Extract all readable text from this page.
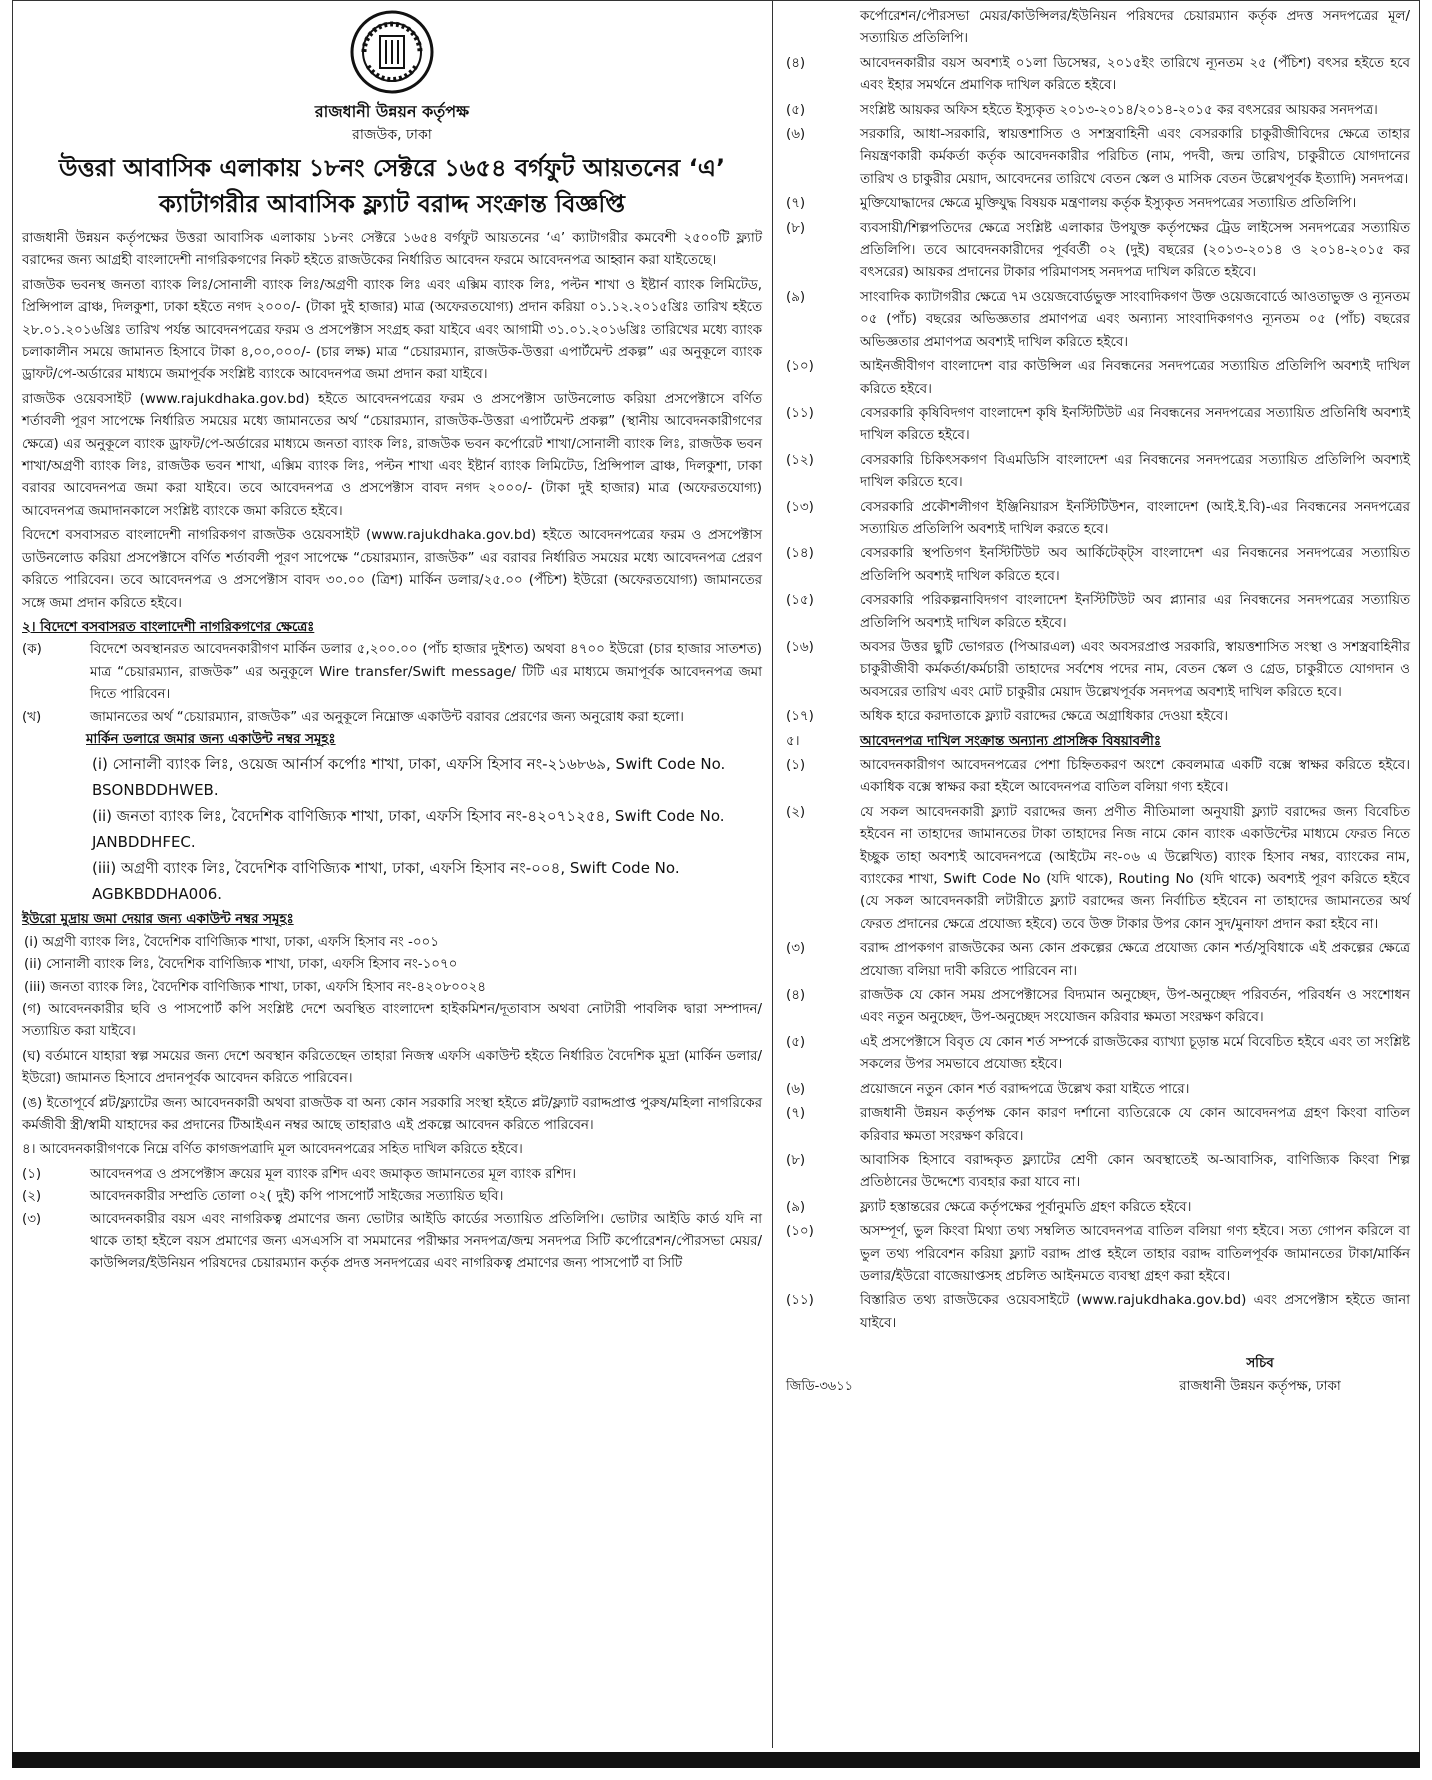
রাজধানী উন্নয়ন কর্তৃপক্ষ
রাজউক, ঢাকা
উত্তরা আবাসিক এলাকায় ১৮নং সেক্টরে ১৬৫৪ বর্গফুট আয়তনের ‘এ’
ক্যাটাগরীর আবাসিক ফ্ল্যাট বরাদ্দ সংক্রান্ত বিজ্ঞপ্তি
রাজধানী উন্নয়ন কর্তৃপক্ষের উত্তরা আবাসিক এলাকায় ১৮নং সেক্টরে ১৬৫৪ বর্গফুট আয়তনের ‘এ’ ক্যাটাগরীর কমবেশী ২৫০০টি ফ্ল্যাট বরাদ্দের জন্য আগ্রহী বাংলাদেশী নাগরিকগণের নিকট হইতে রাজউকের নির্ধারিত আবেদন ফরমে আবেদনপত্র আহ্বান করা যাইতেছে।
রাজউক ভবনস্থ জনতা ব্যাংক লিঃ/সোনালী ব্যাংক লিঃ/অগ্রণী ব্যাংক লিঃ এবং এক্সিম ব্যাংক লিঃ, পল্টন শাখা ও ইষ্টার্ন ব্যাংক লিমিটেড, প্রিন্সিপাল ব্রাঞ্চ, দিলকুশা, ঢাকা হইতে নগদ ২০০০/- (টাকা দুই হাজার) মাত্র (অফেরতযোগ্য) প্রদান করিয়া ০১.১২.২০১৫খ্রিঃ তারিখ হইতে ২৮.০১.২০১৬খ্রিঃ তারিখ পর্যন্ত আবেদনপত্রের ফরম ও প্রসপেক্টাস সংগ্রহ করা যাইবে এবং আগামী ৩১.০১.২০১৬খ্রিঃ তারিখের মধ্যে ব্যাংক চলাকালীন সময়ে জামানত হিসাবে টাকা ৪,০০,০০০/- (চার লক্ষ) মাত্র “চেয়ারম্যান, রাজউক-উত্তরা এপার্টমেন্ট প্রকল্প” এর অনুকূলে ব্যাংক ড্রাফট/পে-অর্ডারের মাধ্যমে জমাপূর্বক সংশ্লিষ্ট ব্যাংকে আবেদনপত্র জমা প্রদান করা যাইবে।
রাজউক ওয়েবসাইট (www.rajukdhaka.gov.bd) হইতে আবেদনপত্রের ফরম ও প্রসপেক্টাস ডাউনলোড করিয়া প্রসপেক্টাসে বর্ণিত শর্তাবলী পূরণ সাপেক্ষে নির্ধারিত সময়ের মধ্যে জামানতের অর্থ “চেয়ারম্যান, রাজউক-উত্তরা এপার্টমেন্ট প্রকল্প” (স্থানীয় আবেদনকারীগণের ক্ষেত্রে) এর অনুকূলে ব্যাংক ড্রাফট/পে-অর্ডারের মাধ্যমে জনতা ব্যাংক লিঃ, রাজউক ভবন কর্পোরেট শাখা/সোনালী ব্যাংক লিঃ, রাজউক ভবন শাখা/অগ্রণী ব্যাংক লিঃ, রাজউক ভবন শাখা, এক্সিম ব্যাংক লিঃ, পল্টন শাখা এবং ইষ্টার্ন ব্যাংক লিমিটেড, প্রিন্সিপাল ব্রাঞ্চ, দিলকুশা, ঢাকা বরাবর আবেদনপত্র জমা করা যাইবে। তবে আবেদনপত্র ও প্রসপেক্টাস বাবদ নগদ ২০০০/- (টাকা দুই হাজার) মাত্র (অফেরতযোগ্য) আবেদনপত্র জমাদানকালে সংশ্লিষ্ট ব্যাংকে জমা করিতে হইবে।
বিদেশে বসবাসরত বাংলাদেশী নাগরিকগণ রাজউক ওয়েবসাইট (www.rajukdhaka.gov.bd) হইতে আবেদনপত্রের ফরম ও প্রসপেক্টাস ডাউনলোড করিয়া প্রসপেক্টাসে বর্ণিত শর্তাবলী পূরণ সাপেক্ষে “চেয়ারম্যান, রাজউক” এর বরাবর নির্ধারিত সময়ের মধ্যে আবেদনপত্র প্রেরণ করিতে পারিবেন। তবে আবেদনপত্র ও প্রসপেক্টাস বাবদ ৩০.০০ (ত্রিশ) মার্কিন ডলার/২৫.০০ (পঁচিশ) ইউরো (অফেরতযোগ্য) জামানতের সঙ্গে জমা প্রদান করিতে হইবে।
২। বিদেশে বসবাসরত বাংলাদেশী নাগরিকগণের ক্ষেত্রেঃ
(ক)	বিদেশে অবস্থানরত আবেদনকারীগণ মার্কিন ডলার ৫,২০০.০০ (পাঁচ হাজার দুইশত) অথবা ৪৭০০ ইউরো (চার হাজার সাতশত) মাত্র “চেয়ারম্যান, রাজউক” এর অনুকূলে Wire transfer/Swift message/ টিটি এর মাধ্যমে জমাপূর্বক আবেদনপত্র জমা দিতে পারিবেন।
(খ)	জামানতের অর্থ “চেয়ারম্যান, রাজউক” এর অনুকূলে নিম্নোক্ত একাউন্ট বরাবর প্রেরণের জন্য অনুরোধ করা হলো।
মার্কিন ডলারে জমার জন্য একাউন্ট নম্বর সমূহঃ
(i) সোনালী ব্যাংক লিঃ, ওয়েজ আর্নার্স কর্পোঃ শাখা, ঢাকা, এফসি হিসাব নং-২১৬৮৬৯, Swift Code No. BSONBDDHWEB.
(ii) জনতা ব্যাংক লিঃ, বৈদেশিক বাণিজ্যিক শাখা, ঢাকা, এফসি হিসাব নং-৪২০৭১২৫৪, Swift Code No. JANBDDHFEC.
(iii) অগ্রণী ব্যাংক লিঃ, বৈদেশিক বাণিজ্যিক শাখা, ঢাকা, এফসি হিসাব নং-০০৪, Swift Code No. AGBKBDDHA006.
ইউরো মুদ্রায় জমা দেয়ার জন্য একাউন্ট নম্বর সমূহঃ
(i) অগ্রণী ব্যাংক লিঃ, বৈদেশিক বাণিজ্যিক শাখা, ঢাকা, এফসি হিসাব নং -০০১
(ii) সোনালী ব্যাংক লিঃ, বৈদেশিক বাণিজ্যিক শাখা, ঢাকা, এফসি হিসাব নং-১০৭০
(iii) জনতা ব্যাংক লিঃ, বৈদেশিক বাণিজ্যিক শাখা, ঢাকা, এফসি হিসাব নং-৪২০৮০০২৪
(গ) আবেদনকারীর ছবি ও পাসপোর্ট কপি সংশ্লিষ্ট দেশে অবস্থিত বাংলাদেশ হাইকমিশন/দূতাবাস অথবা নোটারী পাবলিক দ্বারা সম্পাদন/সত্যায়িত করা যাইবে।
(ঘ) বর্তমানে যাহারা স্বল্প সময়ের জন্য দেশে অবস্থান করিতেছেন তাহারা নিজস্ব এফসি একাউন্ট হইতে নির্ধারিত বৈদেশিক মুদ্রা (মার্কিন ডলার/ইউরো) জামানত হিসাবে প্রদানপূর্বক আবেদন করিতে পারিবেন।
(ঙ) ইতোপূর্বে প্লট/ফ্ল্যাটের জন্য আবেদনকারী অথবা রাজউক বা অন্য কোন সরকারি সংস্থা হইতে প্লট/ফ্ল্যাট বরাদ্দপ্রাপ্ত পুরুষ/মহিলা নাগরিকের কর্মজীবী স্ত্রী/স্বামী যাহাদের কর প্রদানের টিআইএন নম্বর আছে তাহারাও এই প্রকল্পে আবেদন করিতে পারিবেন।
৪। আবেদনকারীগণকে নিম্নে বর্ণিত কাগজপত্রাদি মূল আবেদনপত্রের সহিত দাখিল করিতে হইবে।
(১)	আবেদনপত্র ও প্রসপেক্টাস ক্রয়ের মূল ব্যাংক রশিদ এবং জমাকৃত জামানতের মূল ব্যাংক রশিদ।
(২)	আবেদনকারীর সম্প্রতি তোলা ০২( দুই) কপি পাসপোর্ট সাইজের সত্যায়িত ছবি।
(৩)	আবেদনকারীর বয়স এবং নাগরিকত্ব প্রমাণের জন্য ভোটার আইডি কার্ডের সত্যায়িত প্রতিলিপি। ভোটার আইডি কার্ড যদি না থাকে তাহা হইলে বয়স প্রমাণের জন্য এসএসসি বা সমমানের পরীক্ষার সনদপত্র/জন্ম সনদপত্র সিটি কর্পোরেশন/পৌরসভা মেয়র/কাউন্সিলর/ইউনিয়ন পরিষদের চেয়ারম্যান কর্তৃক প্রদত্ত সনদপত্রের এবং নাগরিকত্ব প্রমাণের জন্য পাসপোর্ট বা সিটি
কর্পোরেশন/পৌরসভা মেয়র/কাউন্সিলর/ইউনিয়ন পরিষদের চেয়ারম্যান কর্তৃক প্রদত্ত সনদপত্রের মূল/সত্যায়িত প্রতিলিপি।
(৪)	আবেদনকারীর বয়স অবশ্যই ০১লা ডিসেম্বর, ২০১৫ইং তারিখে ন্যূনতম ২৫ (পঁচিশ) বৎসর হইতে হবে এবং ইহার সমর্থনে প্রমাণিক দাখিল করিতে হইবে।
(৫)	সংশ্লিষ্ট আয়কর অফিস হইতে ইস্যুকৃত ২০১৩-২০১৪/২০১৪-২০১৫ কর বৎসরের আয়কর সনদপত্র।
(৬)	সরকারি, আধা-সরকারি, স্বায়ত্তশাসিত ও সশস্ত্রবাহিনী এবং বেসরকারি চাকুরীজীবিদের ক্ষেত্রে তাহার নিয়ন্ত্রণকারী কর্মকর্তা কর্তৃক আবেদনকারীর পরিচিত (নাম, পদবী, জন্ম তারিখ, চাকুরীতে যোগদানের তারিখ ও চাকুরীর মেয়াদ, আবেদনের তারিখে বেতন স্কেল ও মাসিক বেতন উল্লেখপূর্বক ইত্যাদি) সনদপত্র।
(৭)	মুক্তিযোদ্ধাদের ক্ষেত্রে মুক্তিযুদ্ধ বিষয়ক মন্ত্রণালয় কর্তৃক ইস্যুকৃত সনদপত্রের সত্যায়িত প্রতিলিপি।
(৮)	ব্যবসায়ী/শিল্পপতিদের ক্ষেত্রে সংশ্লিষ্ট এলাকার উপযুক্ত কর্তৃপক্ষের ট্রেড লাইসেন্স সনদপত্রের সত্যায়িত প্রতিলিপি। তবে আবেদনকারীদের পূর্ববর্তী ০২ (দুই) বছরের (২০১৩-২০১৪ ও ২০১৪-২০১৫ কর বৎসরের) আয়কর প্রদানের টাকার পরিমাণসহ সনদপত্র দাখিল করিতে হইবে।
(৯)	সাংবাদিক ক্যাটাগরীর ক্ষেত্রে ৭ম ওয়েজবোর্ডভুক্ত সাংবাদিকগণ উক্ত ওয়েজবোর্ডে আওতাভুক্ত ও ন্যূনতম ০৫ (পাঁচ) বছরের অভিজ্ঞতার প্রমাণপত্র এবং অন্যান্য সাংবাদিকগণও ন্যূনতম ০৫ (পাঁচ) বছরের অভিজ্ঞতার প্রমাণপত্র অবশ্যই দাখিল করিতে হইবে।
(১০)	আইনজীবীগণ বাংলাদেশ বার কাউন্সিল এর নিবন্ধনের সনদপত্রের সত্যায়িত প্রতিলিপি অবশ্যই দাখিল করিতে হইবে।
(১১)	বেসরকারি কৃষিবিদগণ বাংলাদেশ কৃষি ইনস্টিটিউট এর নিবন্ধনের সনদপত্রের সত্যায়িত প্রতিনিধি অবশ্যই দাখিল করিতে হইবে।
(১২)	বেসরকারি চিকিৎসকগণ বিএমডিসি বাংলাদেশ এর নিবন্ধনের সনদপত্রের সত্যায়িত প্রতিলিপি অবশ্যই দাখিল করিতে হবে।
(১৩)	বেসরকারি প্রকৌশলীগণ ইঞ্জিনিয়ারস ইনস্টিটিউশন, বাংলাদেশ (আই.ই.বি)-এর নিবন্ধনের সনদপত্রের সত্যায়িত প্রতিলিপি অবশ্যই দাখিল করতে হবে।
(১৪)	বেসরকারি স্থপতিগণ ইনস্টিটিউট অব আর্কিটেক্ট্স বাংলাদেশ এর নিবন্ধনের সনদপত্রের সত্যায়িত প্রতিলিপি অবশ্যই দাখিল করিতে হবে।
(১৫)	বেসরকারি পরিকল্পনাবিদগণ বাংলাদেশ ইনস্টিটিউট অব প্ল্যানার এর নিবন্ধনের সনদপত্রের সত্যায়িত প্রতিলিপি অবশ্যই দাখিল করিতে হইবে।
(১৬)	অবসর উত্তর ছুটি ভোগরত (পিআরএল) এবং অবসরপ্রাপ্ত সরকারি, স্বায়ত্তশাসিত সংস্থা ও সশস্ত্রবাহিনীর চাকুরীজীবী কর্মকর্তা/কর্মচারী তাহাদের সর্বশেষ পদের নাম, বেতন স্কেল ও গ্রেড, চাকুরীতে যোগদান ও অবসরের তারিখ এবং মোট চাকুরীর মেয়াদ উল্লেখপূর্বক সনদপত্র অবশ্যই দাখিল করিতে হবে।
(১৭)	অধিক হারে করদাতাকে ফ্ল্যাট বরাদ্দের ক্ষেত্রে অগ্রাধিকার দেওয়া হইবে।
৫।	আবেদনপত্র দাখিল সংক্রান্ত অন্যান্য প্রাসঙ্গিক বিষয়াবলীঃ
(১)	আবেদনকারীগণ আবেদনপত্রের পেশা চিহ্নিতকরণ অংশে কেবলমাত্র একটি বক্সে স্বাক্ষর করিতে হইবে। একাধিক বক্সে স্বাক্ষর করা হইলে আবেদনপত্র বাতিল বলিয়া গণ্য হইবে।
(২)	যে সকল আবেদনকারী ফ্ল্যাট বরাদ্দের জন্য প্রণীত নীতিমালা অনুযায়ী ফ্ল্যাট বরাদ্দের জন্য বিবেচিত হইবেন না তাহাদের জামানতের টাকা তাহাদের নিজ নামে কোন ব্যাংক একাউন্টের মাধ্যমে ফেরত নিতে ইচ্ছুক তাহা অবশ্যই আবেদনপত্রে (আইটেম নং-০৬ এ উল্লেখিত) ব্যাংক হিসাব নম্বর, ব্যাংকের নাম, ব্যাংকের শাখা, Swift Code No (যদি থাকে), Routing No (যদি থাকে) অবশ্যই পূরণ করিতে হইবে (যে সকল আবেদনকারী লটারীতে ফ্ল্যাট বরাদ্দের জন্য নির্বাচিত হইবেন না তাহাদের জামানতের অর্থ ফেরত প্রদানের ক্ষেত্রে প্রযোজ্য হইবে) তবে উক্ত টাকার উপর কোন সুদ/মুনাফা প্রদান করা হইবে না।
(৩)	বরাদ্দ প্রাপকগণ রাজউকের অন্য কোন প্রকল্পের ক্ষেত্রে প্রযোজ্য কোন শর্ত/সুবিধাকে এই প্রকল্পের ক্ষেত্রে প্রযোজ্য বলিয়া দাবী করিতে পারিবেন না।
(৪)	রাজউক যে কোন সময় প্রসপেক্টাসের বিদ্যমান অনুচ্ছেদ, উপ-অনুচ্ছেদ পরিবর্তন, পরিবর্ধন ও সংশোধন এবং নতুন অনুচ্ছেদ, উপ-অনুচ্ছেদ সংযোজন করিবার ক্ষমতা সংরক্ষণ করিবে।
(৫)	এই প্রসপেক্টাসে বিবৃত যে কোন শর্ত সম্পর্কে রাজউকের ব্যাখ্যা চূড়ান্ত মর্মে বিবেচিত হইবে এবং তা সংশ্লিষ্ট সকলের উপর সমভাবে প্রযোজ্য হইবে।
(৬)	প্রয়োজনে নতুন কোন শর্ত বরাদ্দপত্রে উল্লেখ করা যাইতে পারে।
(৭)	রাজধানী উন্নয়ন কর্তৃপক্ষ কোন কারণ দর্শানো ব্যতিরেকে যে কোন আবেদনপত্র গ্রহণ কিংবা বাতিল করিবার ক্ষমতা সংরক্ষণ করিবে।
(৮)	আবাসিক হিসাবে বরাদ্দকৃত ফ্ল্যাটের শ্রেণী কোন অবস্থাতেই অ-আবাসিক, বাণিজ্যিক কিংবা শিল্প প্রতিষ্ঠানের উদ্দেশ্যে ব্যবহার করা যাবে না।
(৯)	ফ্ল্যাট হস্তান্তরের ক্ষেত্রে কর্তৃপক্ষের পূর্বানুমতি গ্রহণ করিতে হইবে।
(১০)	অসম্পূর্ণ, ভুল কিংবা মিথ্যা তথ্য সম্বলিত আবেদনপত্র বাতিল বলিয়া গণ্য হইবে। সত্য গোপন করিলে বা ভুল তথ্য পরিবেশন করিয়া ফ্ল্যাট বরাদ্দ প্রাপ্ত হইলে তাহার বরাদ্দ বাতিলপূর্বক জামানতের টাকা/মার্কিন ডলার/ইউরো বাজেয়াপ্তসহ প্রচলিত আইনমতে ব্যবস্থা গ্রহণ করা হইবে।
(১১)	বিস্তারিত তথ্য রাজউকের ওয়েবসাইটে (www.rajukdhaka.gov.bd) এবং প্রসপেক্টাস হইতে জানা যাইবে।
জিডি-৩৬১১
সচিব
রাজধানী উন্নয়ন কর্তৃপক্ষ, ঢাকা
